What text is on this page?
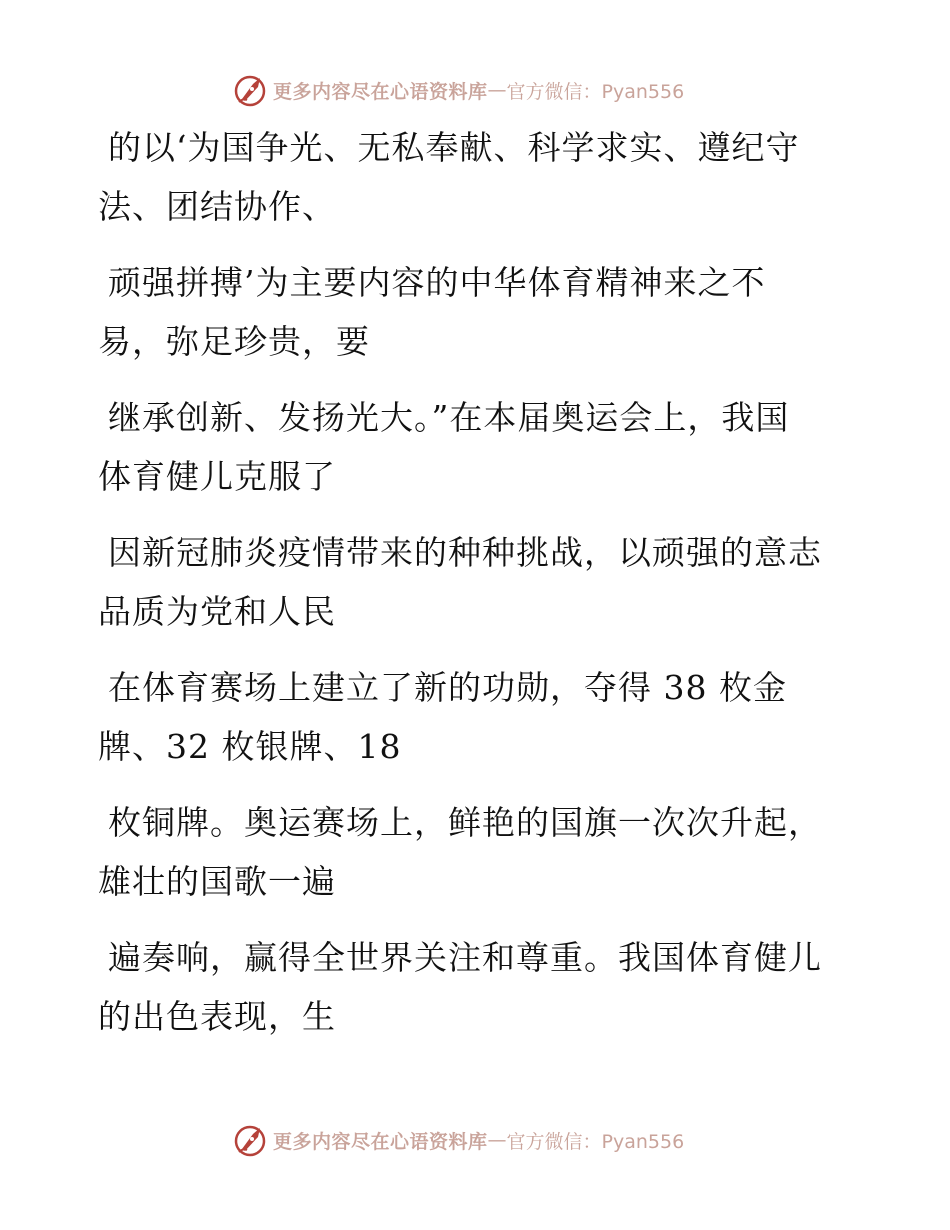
更多内容尽在心语资料库 — 官方微信：Pyan556
的以‘为国争光、无私奉献、科学求实、遵纪守
法、团结协作、
顽强拼搏’为主要内容的中华体育精神来之不
易，弥足珍贵，要
继承创新、发扬光大。”在本届奥运会上，我国
体育健儿克服了
因新冠肺炎疫情带来的种种挑战，以顽强的意志
品质为党和人民
在体育赛场上建立了新的功勋，夺得 38 枚金
牌、32 枚银牌、18
枚铜牌。奥运赛场上，鲜艳的国旗一次次升起，
雄壮的国歌一遍
遍奏响，赢得全世界关注和尊重。我国体育健儿
的出色表现，生
更多内容尽在心语资料库 — 官方微信：Pyan556
